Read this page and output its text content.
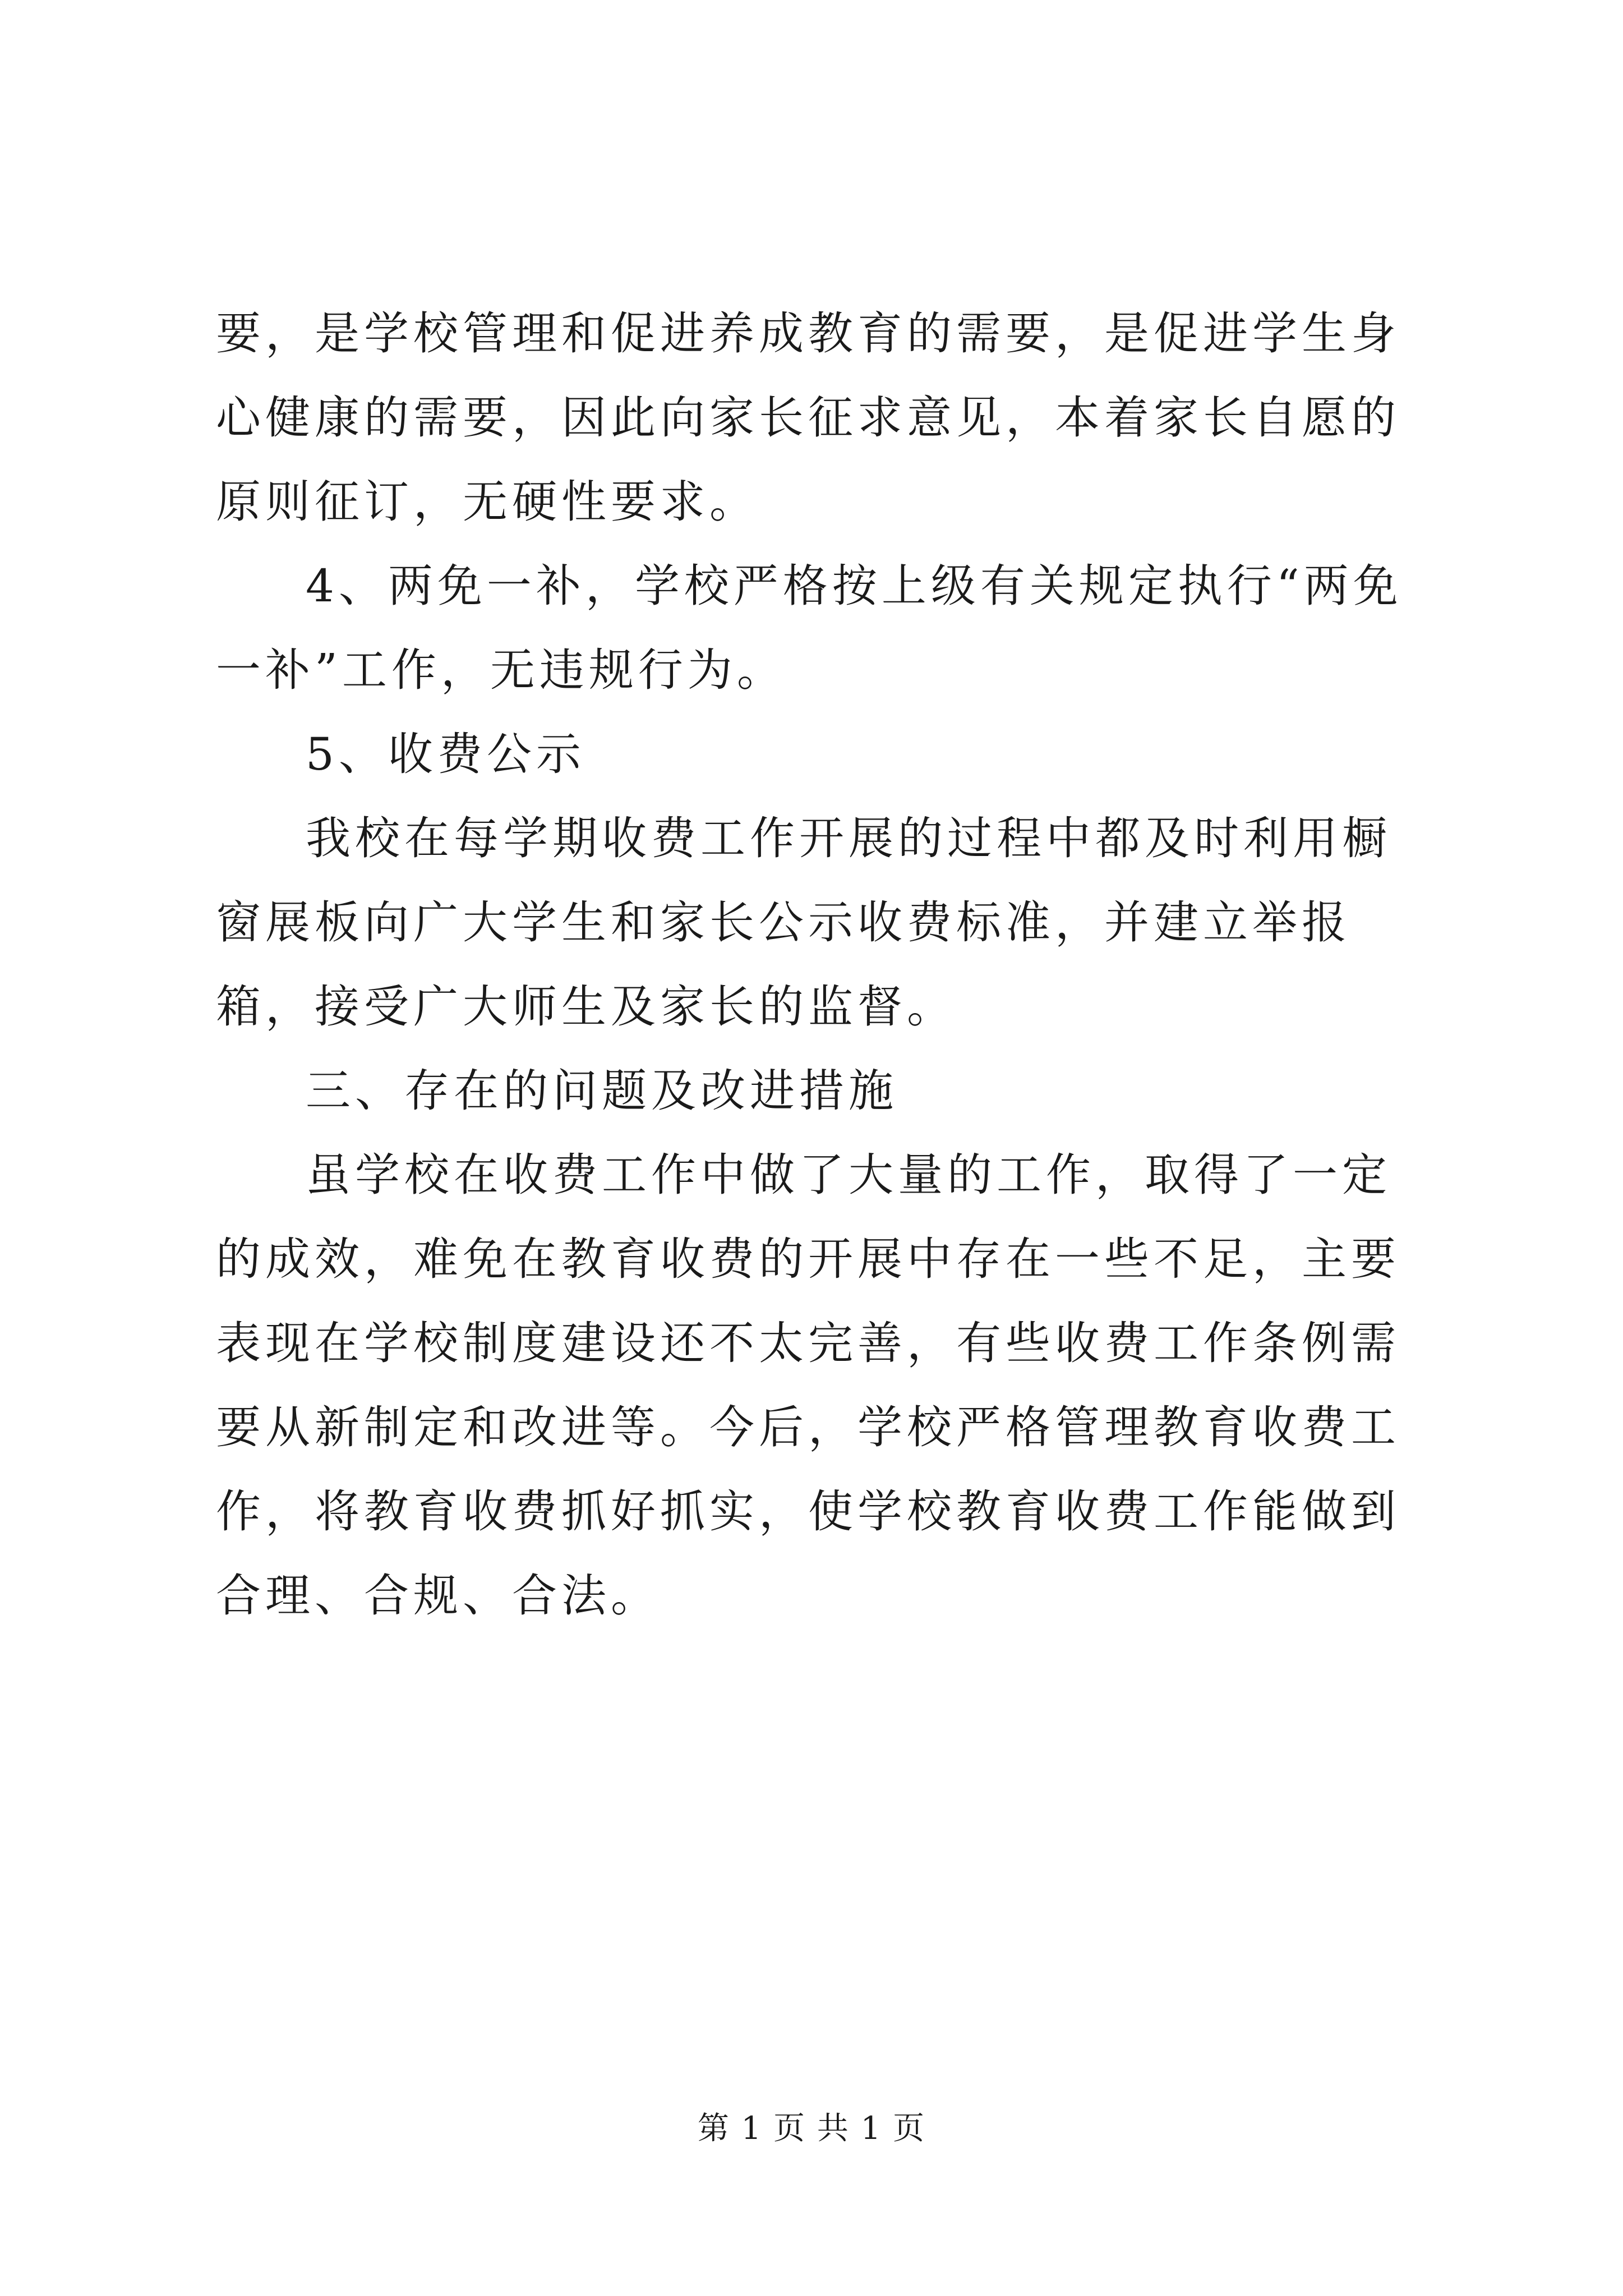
要，是学校管理和促进养成教育的需要，是促进学生身心健康的需要，因此向家长征求意见，本着家长自愿的原则征订，无硬性要求。

4、两免一补，学校严格按上级有关规定执行“两免一补”工作，无违规行为。

5、收费公示

我校在每学期收费工作开展的过程中都及时利用橱窗展板向广大学生和家长公示收费标准，并建立举报箱，接受广大师生及家长的监督。

三、存在的问题及改进措施

虽学校在收费工作中做了大量的工作，取得了一定的成效，难免在教育收费的开展中存在一些不足，主要表现在学校制度建设还不太完善，有些收费工作条例需要从新制定和改进等。今后，学校严格管理教育收费工作，将教育收费抓好抓实，使学校教育收费工作能做到合理、合规、合法。

第 1 页 共 1 页
